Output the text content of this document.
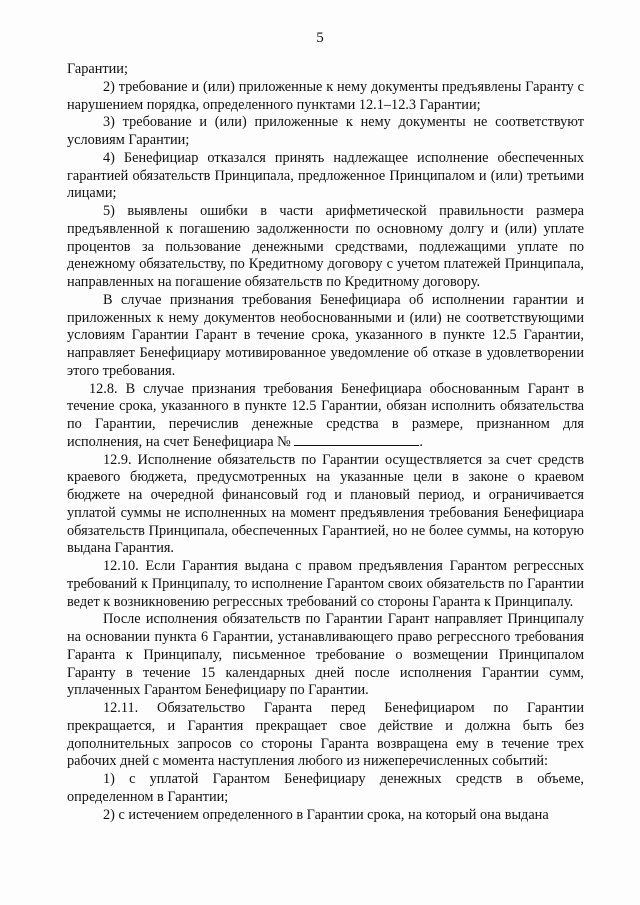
5

Гарантии;

2) требование и (или) приложенные к нему документы предъявлены Гаранту с нарушением порядка, определенного пунктами 12.1–12.3 Гарантии;

3) требование и (или) приложенные к нему документы не соответствуют условиям Гарантии;

4) Бенефициар отказался принять надлежащее исполнение обеспеченных гарантией обязательств Принципала, предложенное Принципалом и (или) третьими лицами;

5) выявлены ошибки в части арифметической правильности размера предъявленной к погашению задолженности по основному долгу и (или) уплате процентов за пользование денежными средствами, подлежащими уплате по денежному обязательству, по Кредитному договору с учетом платежей Принципала, направленных на погашение обязательств по Кредитному договору.

В случае признания требования Бенефициара об исполнении гарантии и приложенных к нему документов необоснованными и (или) не соответствующими условиям Гарантии Гарант в течение срока, указанного в пункте 12.5 Гарантии, направляет Бенефициару мотивированное уведомление об отказе в удовлетворении этого требования.

12.8. В случае признания требования Бенефициара обоснованным Гарант в течение срока, указанного в пункте 12.5 Гарантии, обязан исполнить обязательства по Гарантии, перечислив денежные средства в размере, признанном для исполнения, на счет Бенефициара №	.

12.9. Исполнение обязательств по Гарантии осуществляется за счет средств краевого бюджета, предусмотренных на указанные цели в законе о краевом бюджете на очередной финансовый год и плановый период, и ограничивается уплатой суммы не исполненных на момент предъявления требования Бенефициара обязательств Принципала, обеспеченных Гарантией, но не более суммы, на которую выдана Гарантия.

12.10. Если Гарантия выдана с правом предъявления Гарантом регрессных требований к Принципалу, то исполнение Гарантом своих обязательств по Гарантии ведет к возникновению регрессных требований со стороны Гаранта к Принципалу.

После исполнения обязательств по Гарантии Гарант направляет Принципалу на основании пункта 6 Гарантии, устанавливающего право регрессного требования Гаранта к Принципалу, письменное требование о возмещении Принципалом Гаранту в течение 15 календарных дней после исполнения Гарантии сумм, уплаченных Гарантом Бенефициару по Гарантии.

12.11. Обязательство Гаранта перед Бенефициаром по Гарантии прекращается, и Гарантия прекращает свое действие и должна быть без дополнительных запросов со стороны Гаранта возвращена ему в течение трех рабочих дней с момента наступления любого из нижеперечисленных событий:

1) с уплатой Гарантом Бенефициару денежных средств в объеме, определенном в Гарантии;

2) с истечением определенного в Гарантии срока, на который она выдана
